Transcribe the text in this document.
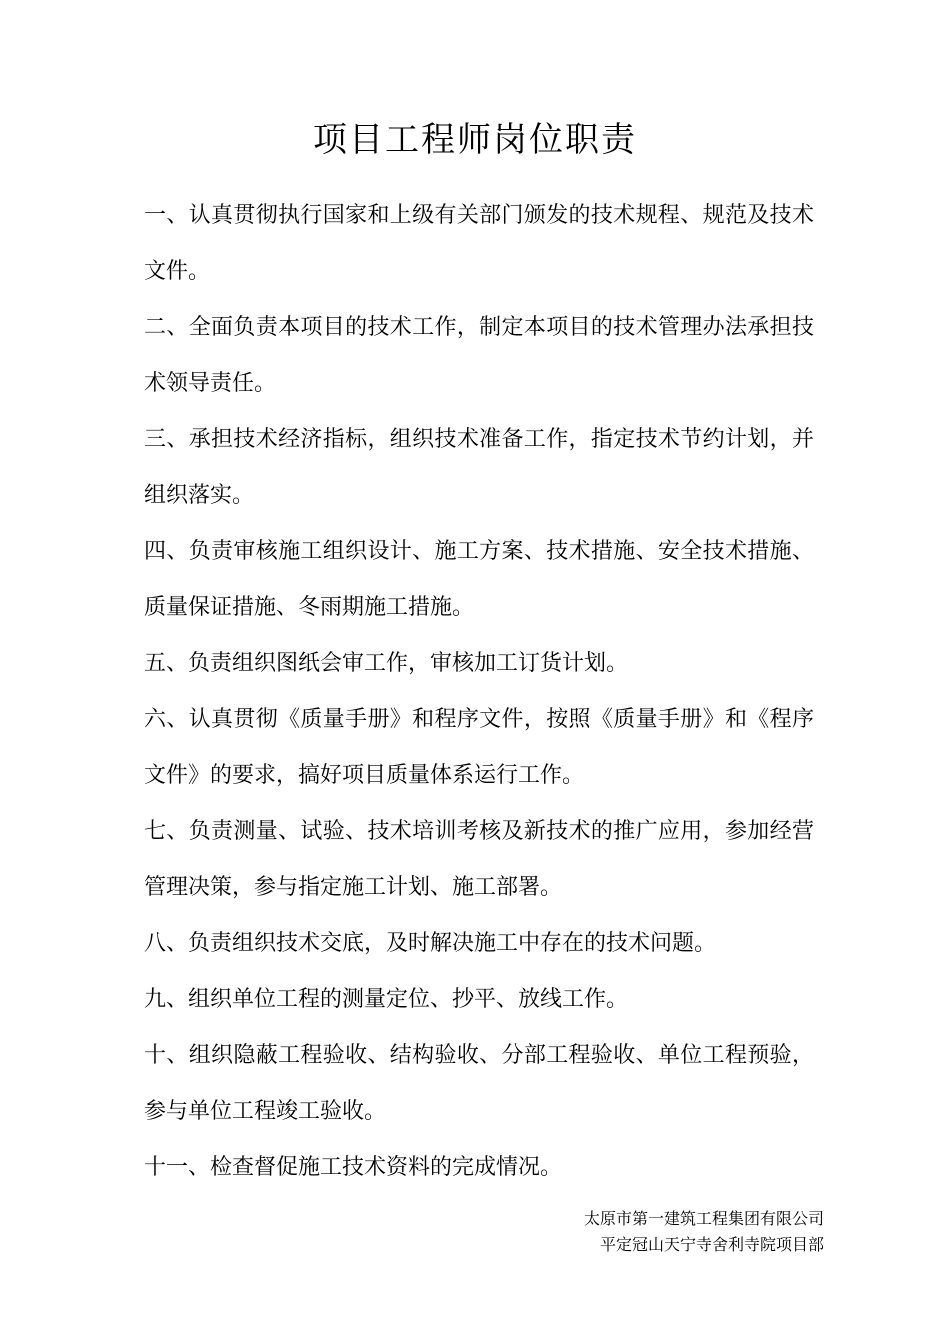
项目工程师岗位职责

一、认真贯彻执行国家和上级有关部门颁发的技术规程、规范及技术文件。

二、全面负责本项目的技术工作，制定本项目的技术管理办法承担技术领导责任。

三、承担技术经济指标，组织技术准备工作，指定技术节约计划，并组织落实。

四、负责审核施工组织设计、施工方案、技术措施、安全技术措施、质量保证措施、冬雨期施工措施。

五、负责组织图纸会审工作，审核加工订货计划。

六、认真贯彻《质量手册》和程序文件，按照《质量手册》和《程序文件》的要求，搞好项目质量体系运行工作。

七、负责测量、试验、技术培训考核及新技术的推广应用，参加经营管理决策，参与指定施工计划、施工部署。

八、负责组织技术交底，及时解决施工中存在的技术问题。

九、组织单位工程的测量定位、抄平、放线工作。

十、组织隐蔽工程验收、结构验收、分部工程验收、单位工程预验，参与单位工程竣工验收。

十一、检查督促施工技术资料的完成情况。

太原市第一建筑工程集团有限公司
平定冠山天宁寺舍利寺院项目部
